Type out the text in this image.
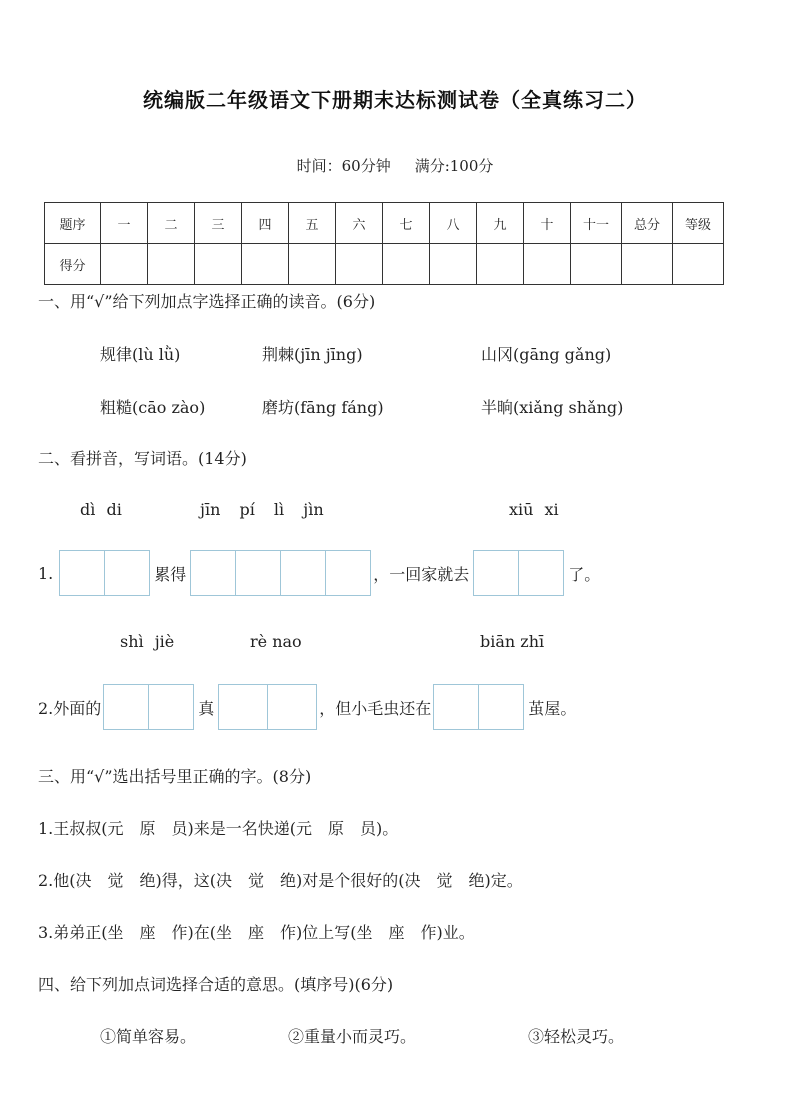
统编版二年级语文下册期末达标测试卷（全真练习二）
时间：60分钟 满分:100分
题序	一	二	三	四	五	六	七	八	九	十	十一	总分	等级
得分													
一、用“√”给下列加点字选择正确的读音。(6分)
规律(lù lǜ)	荆棘(jīn jīng)	山冈(gāng gǎng)
粗糙(cāo zào)	磨坊(fāng fáng)	半晌(xiǎng shǎng)
二、看拼音，写词语。(14分)
dì di	jīn pí lì jìn	xiū xi
1.	累得	，一回家就去	了。
shì jiè	rè nao	biān zhī
2.外面的	真	，但小毛虫还在	茧屋。
三、用“√”选出括号里正确的字。(8分)
1.王叔叔(元　原　员)来是一名快递(元　原　员)。
2.他(决　觉　绝)得，这(决　觉　绝)对是个很好的(决　觉　绝)定。
3.弟弟正(坐　座　作)在(坐　座　作)位上写(坐　座　作)业。
四、给下列加点词选择合适的意思。(填序号)(6分)
①简单容易。	②重量小而灵巧。	③轻松灵巧。
